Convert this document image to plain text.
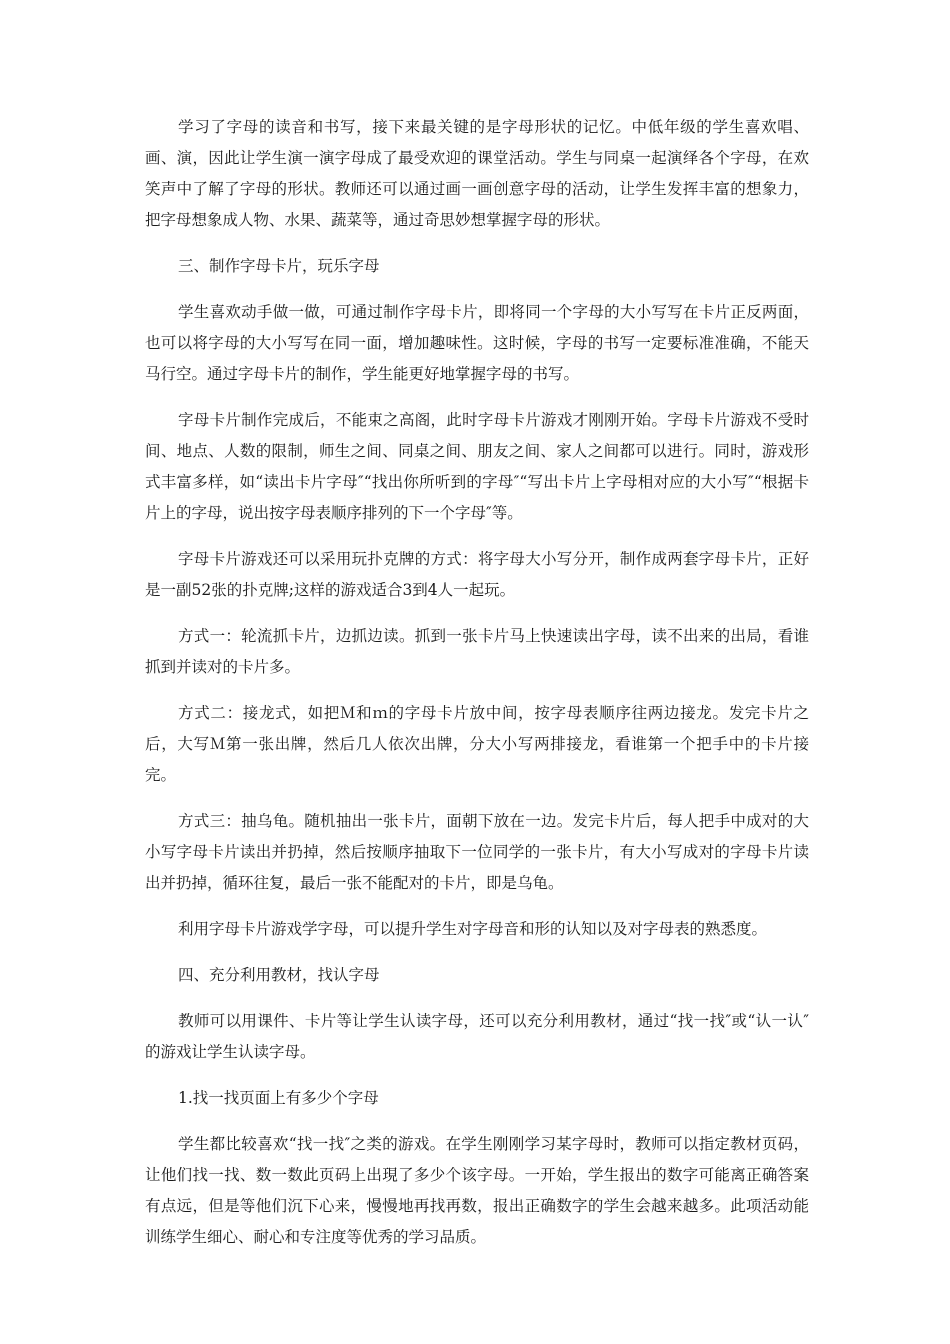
学习了字母的读音和书写，接下来最关键的是字母形状的记忆。中低年级的学生喜欢唱、画、演，因此让学生演一演字母成了最受欢迎的课堂活动。学生与同桌一起演绎各个字母，在欢笑声中了解了字母的形状。教师还可以通过画一画创意字母的活动，让学生发挥丰富的想象力，把字母想象成人物、水果、蔬菜等，通过奇思妙想掌握字母的形状。

三、制作字母卡片，玩乐字母

学生喜欢动手做一做，可通过制作字母卡片，即将同一个字母的大小写写在卡片正反两面，也可以将字母的大小写写在同一面，增加趣味性。这时候，字母的书写一定要标准准确，不能天马行空。通过字母卡片的制作，学生能更好地掌握字母的书写。

字母卡片制作完成后，不能束之高阁，此时字母卡片游戏才刚刚开始。字母卡片游戏不受时间、地点、人数的限制，师生之间、同桌之间、朋友之间、家人之间都可以进行。同时，游戏形式丰富多样，如“读出卡片字母″“找出你所听到的字母″“写出卡片上字母相对应的大小写″“根据卡片上的字母，说出按字母表顺序排列的下一个字母″等。

字母卡片游戏还可以采用玩扑克牌的方式：将字母大小写分开，制作成两套字母卡片，正好是一副52张的扑克牌;这样的游戏适合3到4人一起玩。

方式一：轮流抓卡片，边抓边读。抓到一张卡片马上快速读出字母，读不出来的出局，看谁抓到并读对的卡片多。

方式二：接龙式，如把Ｍ和ｍ的字母卡片放中间，按字母表顺序往两边接龙。发完卡片之后，大写Ｍ第一张出牌，然后几人依次出牌，分大小写两排接龙，看谁第一个把手中的卡片接完。

方式三：抽乌龟。随机抽出一张卡片，面朝下放在一边。发完卡片后，每人把手中成对的大小写字母卡片读出并扔掉，然后按顺序抽取下一位同学的一张卡片，有大小写成对的字母卡片读出并扔掉，循环往复，最后一张不能配对的卡片，即是乌龟。

利用字母卡片游戏学字母，可以提升学生对字母音和形的认知以及对字母表的熟悉度。

四、充分利用教材，找认字母

教师可以用课件、卡片等让学生认读字母，还可以充分利用教材，通过“找一找″或“认一认″的游戏让学生认读字母。

1.找一找页面上有多少个字母

学生都比较喜欢“找一找″之类的游戏。在学生刚刚学习某字母时，教师可以指定教材页码，让他们找一找、数一数此页码上出現了多少个该字母。一开始，学生报出的数字可能离正确答案有点远，但是等他们沉下心来，慢慢地再找再数，报出正确数字的学生会越来越多。此项活动能训练学生细心、耐心和专注度等优秀的学习品质。
